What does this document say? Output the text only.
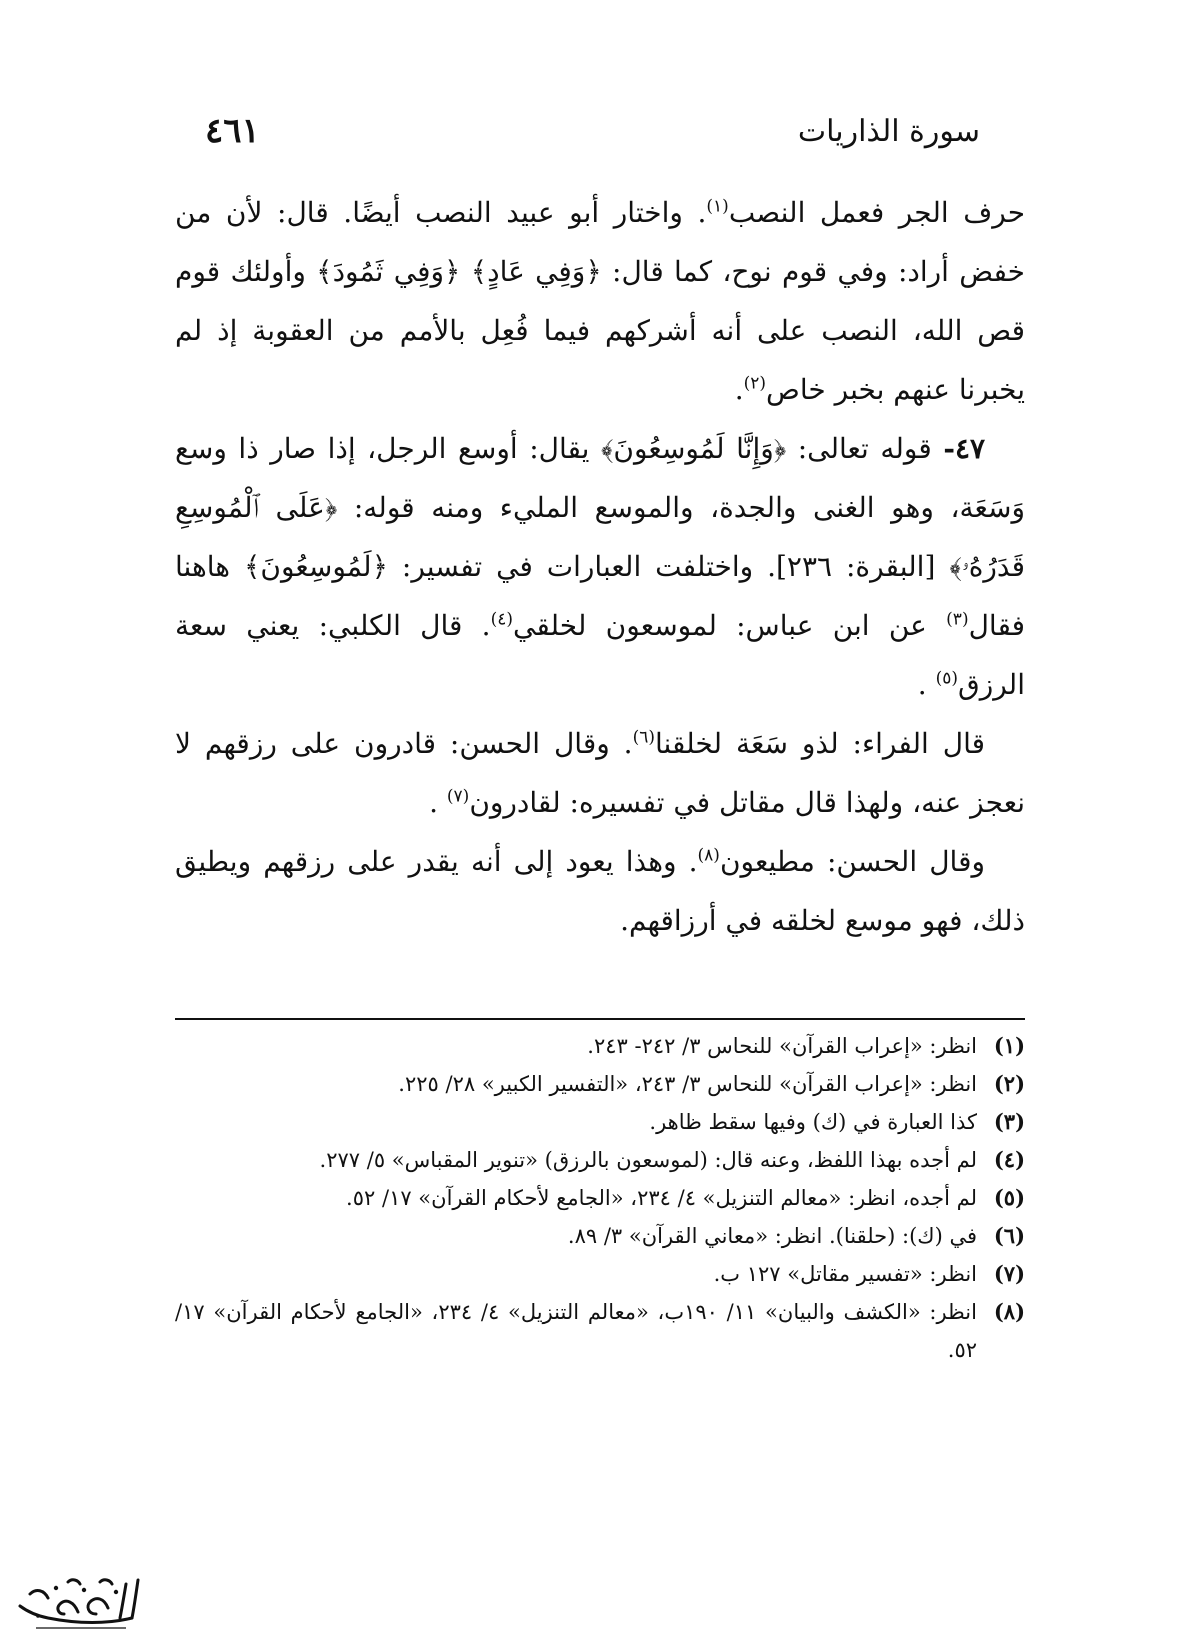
سورة الذاريات
٤٦١

حرف الجر فعمل النصب$^{(١)}$. واختار أبو عبيد النصب أيضًا. قال: لأن من خفض أراد: وفي قوم نوح، كما قال: ﴿وَفِي عَادٍ﴾ ﴿وَفِي ثَمُودَ﴾ وأولئك قوم قص الله، النصب على أنه أشركهم فيما فُعِل بالأمم من العقوبة إذ لم يخبرنا عنهم بخبر خاص$^{(٢)}$.

٤٧- قوله تعالى: ﴿وَإِنَّا لَمُوسِعُونَ﴾ يقال: أوسع الرجل، إذا صار ذا وسع وَسَعَة، وهو الغنى والجدة، والموسع المليء ومنه قوله: ﴿عَلَى ٱلْمُوسِعِ قَدَرُهُۥ﴾ [البقرة: ٢٣٦]. واختلفت العبارات في تفسير: ﴿لَمُوسِعُونَ﴾ هاهنا فقال$^{(٣)}$ عن ابن عباس: لموسعون لخلقي$^{(٤)}$. قال الكلبي: يعني سعة الرزق$^{(٥)}$ .

قال الفراء: لذو سَعَة لخلقنا$^{(٦)}$. وقال الحسن: قادرون على رزقهم لا نعجز عنه، ولهذا قال مقاتل في تفسيره: لقادرون$^{(٧)}$ .

وقال الحسن: مطيعون$^{(٨)}$. وهذا يعود إلى أنه يقدر على رزقهم ويطيق ذلك، فهو موسع لخلقه في أرزاقهم.

(١)
انظر: «إعراب القرآن» للنحاس ٣/ ٢٤٢- ٢٤٣.
(٢)
انظر: «إعراب القرآن» للنحاس ٣/ ٢٤٣، «التفسير الكبير» ٢٨/ ٢٢٥.
(٣)
كذا العبارة في (ك) وفيها سقط ظاهر.
(٤)
لم أجده بهذا اللفظ، وعنه قال: (لموسعون بالرزق) «تنوير المقباس» ٥/ ٢٧٧.
(٥)
لم أجده، انظر: «معالم التنزيل» ٤/ ٢٣٤، «الجامع لأحكام القرآن» ١٧/ ٥٢.
(٦)
في (ك): (حلقنا). انظر: «معاني القرآن» ٣/ ٨٩.
(٧)
انظر: «تفسير مقاتل» ١٢٧ ب.
(٨)
انظر: «الكشف والبيان» ١١/ ١٩٠ب، «معالم التنزيل» ٤/ ٢٣٤، «الجامع لأحكام القرآن» ١٧/ ٥٢.
